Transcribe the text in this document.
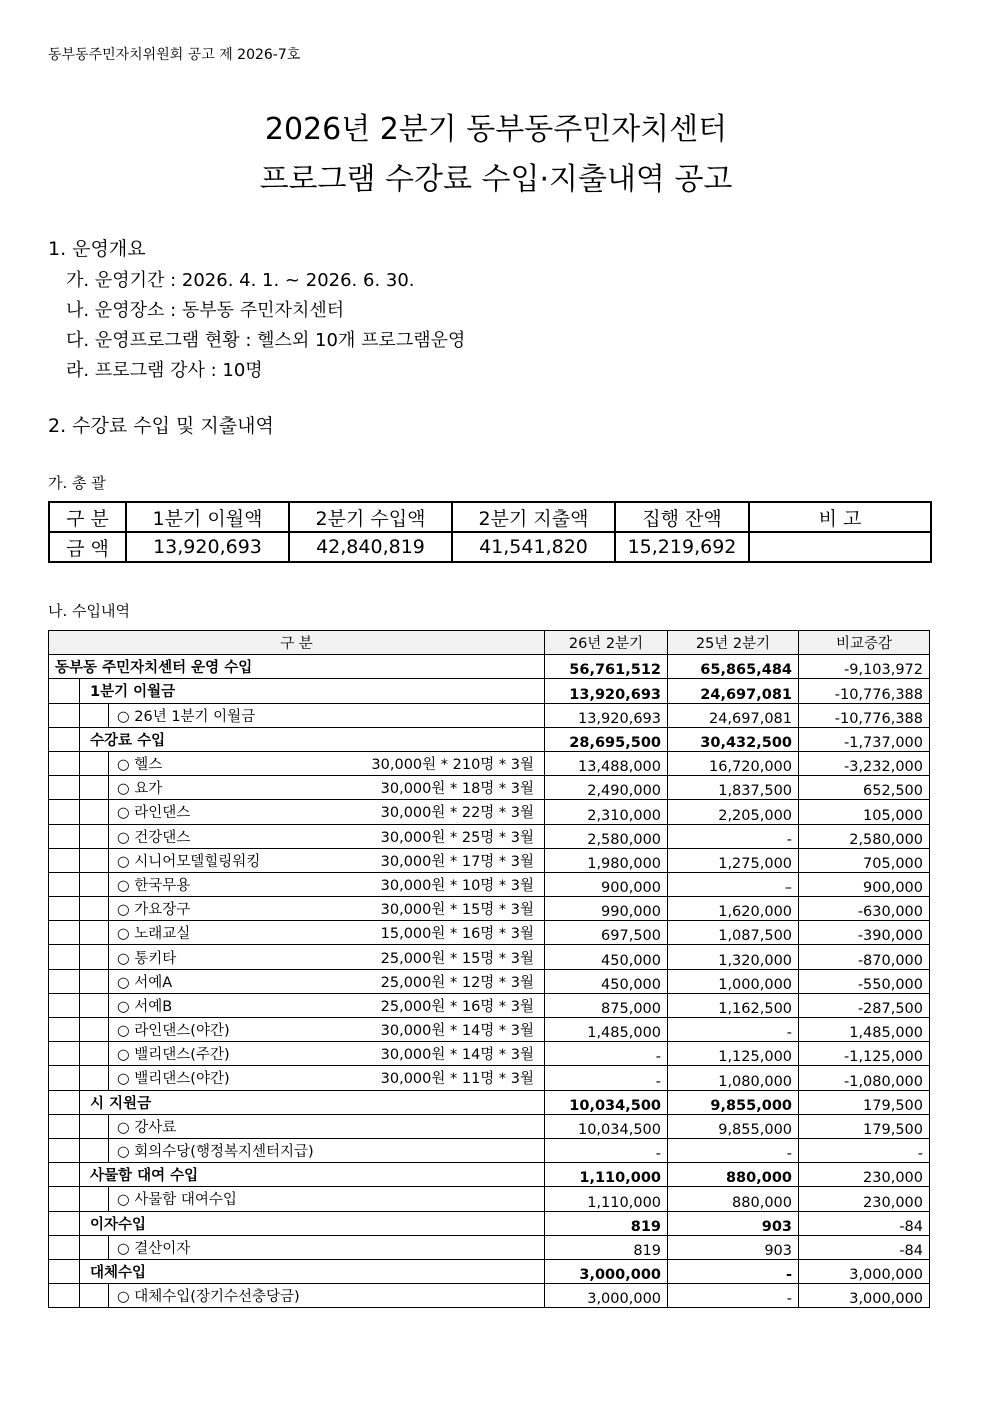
동부동주민자치위원회 공고 제 2026-7호
2026년 2분기 동부동주민자치센터
프로그램 수강료 수입·지출내역 공고
1. 운영개요
가. 운영기간 : 2026. 4. 1. ~ 2026. 6. 30.
나. 운영장소 : 동부동 주민자치센터
다. 운영프로그램 현황 : 헬스외 10개 프로그램운영
라. 프로그램 강사 : 10명
2. 수강료 수입 및 지출내역
가. 총 괄
구 분	1분기 이월액	2분기 수입액	2분기 지출액	집행 잔액	비 고
금 액	13,920,693	42,840,819	41,541,820	15,219,692	
나. 수입내역
구 분			26년 2분기	25년 2분기	비교증감
동부동 주민자치센터 운영 수입			56,761,512	65,865,484	-9,103,972
	1분기 이월금		13,920,693	24,697,081	-10,776,388
		○ 26년 1분기 이월금	13,920,693	24,697,081	-10,776,388
	수강료 수입		28,695,500	30,432,500	-1,737,000
		○ 헬스 30,000원 * 210명 * 3월	13,488,000	16,720,000	-3,232,000
		○ 요가 30,000원 * 18명 * 3월	2,490,000	1,837,500	652,500
		○ 라인댄스 30,000원 * 22명 * 3월	2,310,000	2,205,000	105,000
		○ 건강댄스 30,000원 * 25명 * 3월	2,580,000	-	2,580,000
		○ 시니어모델힐링워킹 30,000원 * 17명 * 3월	1,980,000	1,275,000	705,000
		○ 한국무용 30,000원 * 10명 * 3월	900,000	–	900,000
		○ 가요장구 30,000원 * 15명 * 3월	990,000	1,620,000	-630,000
		○ 노래교실 15,000원 * 16명 * 3월	697,500	1,087,500	-390,000
		○ 통키타 25,000원 * 15명 * 3월	450,000	1,320,000	-870,000
		○ 서예A 25,000원 * 12명 * 3월	450,000	1,000,000	-550,000
		○ 서예B 25,000원 * 16명 * 3월	875,000	1,162,500	-287,500
		○ 라인댄스(야간) 30,000원 * 14명 * 3월	1,485,000	-	1,485,000
		○ 밸리댄스(주간) 30,000원 * 14명 * 3월	-	1,125,000	-1,125,000
		○ 밸리댄스(야간) 30,000원 * 11명 * 3월	-	1,080,000	-1,080,000
	시 지원금		10,034,500	9,855,000	179,500
		○ 강사료	10,034,500	9,855,000	179,500
		○ 회의수당(행정복지센터지급)	-	-	-
	사물함 대여 수입		1,110,000	880,000	230,000
		○ 사물함 대여수입	1,110,000	880,000	230,000
	이자수입		819	903	-84
		○ 결산이자	819	903	-84
	대체수입		3,000,000	-	3,000,000
		○ 대체수입(장기수선충당금)	3,000,000	-	3,000,000
